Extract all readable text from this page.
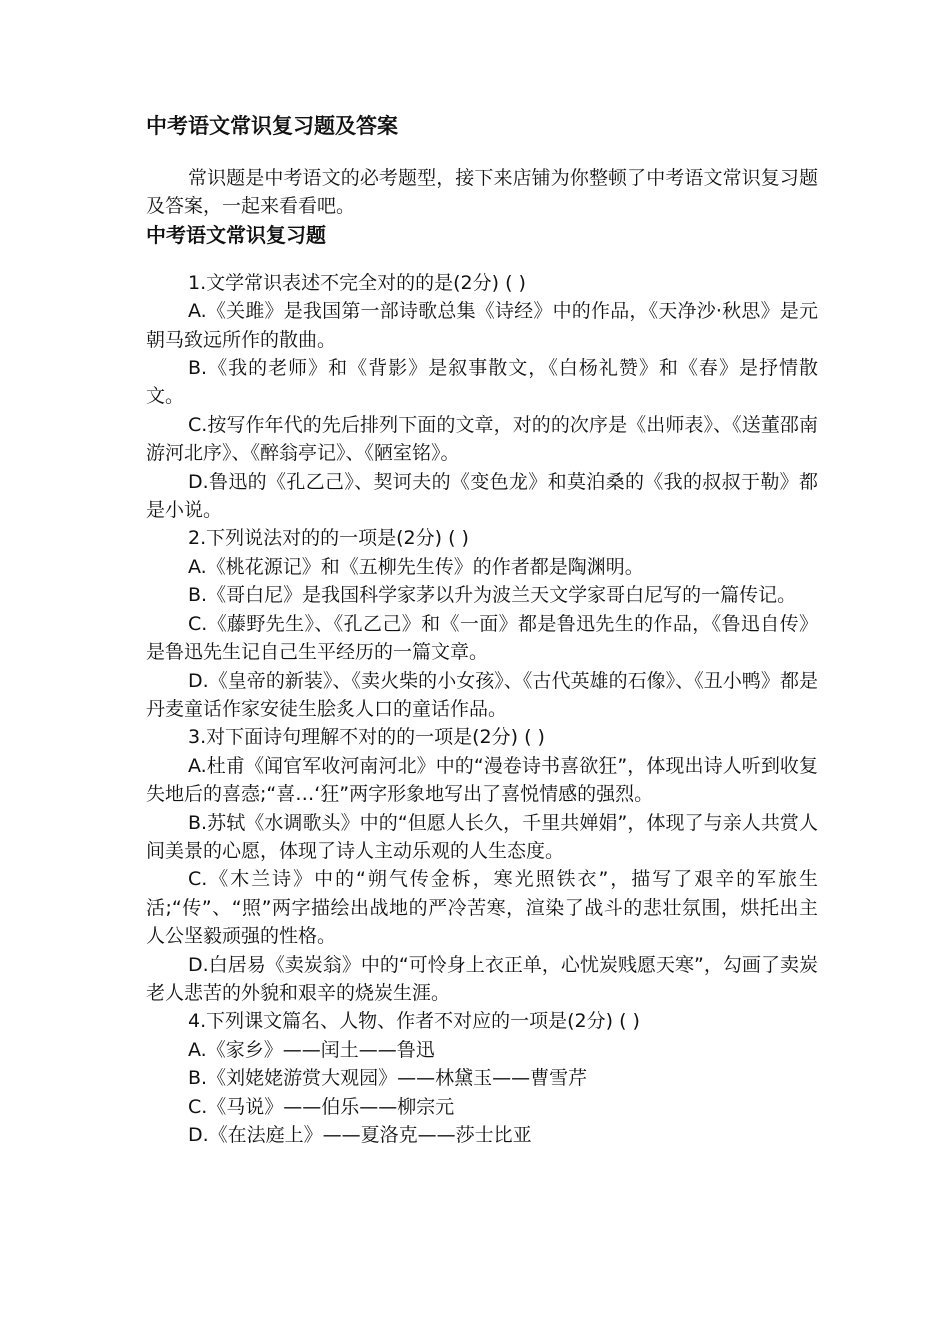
中考语文常识复习题及答案

常识题是中考语文的必考题型，接下来店铺为你整顿了中考语文常识复习题及答案，一起来看看吧。

中考语文常识复习题

1.文学常识表述不完全对的的是(2分) ( )

A.《关雎》是我国第一部诗歌总集《诗经》中的作品，《天净沙·秋思》是元朝马致远所作的散曲。

B.《我的老师》和《背影》是叙事散文，《白杨礼赞》和《春》是抒情散文。

C.按写作年代的先后排列下面的文章，对的的次序是《出师表》、《送董邵南游河北序》、《醉翁亭记》、《陋室铭》。

D.鲁迅的《孔乙己》、契诃夫的《变色龙》和莫泊桑的《我的叔叔于勒》都是小说。

2.下列说法对的的一项是(2分) ( )

A.《桃花源记》和《五柳先生传》的作者都是陶渊明。

B.《哥白尼》是我国科学家茅以升为波兰天文学家哥白尼写的一篇传记。

C.《藤野先生》、《孔乙己》和《一面》都是鲁迅先生的作品，《鲁迅自传》是鲁迅先生记自己生平经历的一篇文章。

D.《皇帝的新装》、《卖火柴的小女孩》、《古代英雄的石像》、《丑小鸭》都是丹麦童话作家安徒生脍炙人口的童话作品。

3.对下面诗句理解不对的的一项是(2分) ( )

A.杜甫《闻官军收河南河北》中的“漫卷诗书喜欲狂”，体现出诗人听到收复失地后的喜悫;“喜…‘狂”两字形象地写出了喜悦情感的强烈。

B.苏轼《水调歌头》中的“但愿人长久，千里共婵娟”，体现了与亲人共赏人间美景的心愿，体现了诗人主动乐观的人生态度。

C.《木兰诗》中的“朔气传金柝，寒光照铁衣”，描写了艰辛的军旅生活;“传”、“照”两字描绘出战地的严冷苦寒，渲染了战斗的悲壮氛围，烘托出主人公坚毅顽强的性格。

D.白居易《卖炭翁》中的“可怜身上衣正单，心忧炭贱愿天寒”，勾画了卖炭老人悲苦的外貌和艰辛的烧炭生涯。

4.下列课文篇名、人物、作者不对应的一项是(2分) ( )

A.《家乡》——闰土——鲁迅

B.《刘姥姥游赏大观园》——林黛玉——曹雪芹

C.《马说》——伯乐——柳宗元

D.《在法庭上》——夏洛克——莎士比亚
